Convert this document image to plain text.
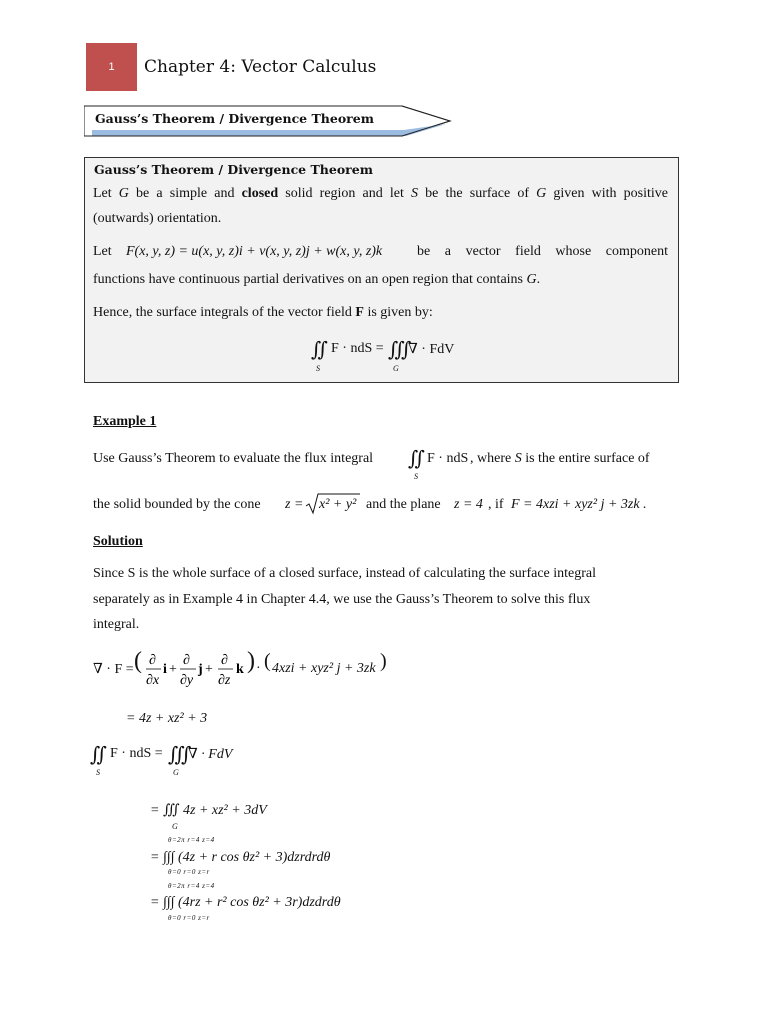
1 Chapter 4: Vector Calculus
Gauss’s Theorem / Divergence Theorem
Gauss’s Theorem / Divergence Theorem
Let G be a simple and closed solid region and let S be the surface of G given with positive
(outwards) orientation.
Let F(x, y, z) = u(x, y, z)i + v(x, y, z)j + w(x, y, z)k be a vector field whose component
functions have continuous partial derivatives on an open region that contains G.
Hence, the surface integrals of the vector field F is given by:
∬ F · ndS = ∭
∇ · FdV
S	G
Example 1
Use Gauss’s Theorem to evaluate the flux integral ∬ F · ndS , where S is the entire surface of
S
the solid bounded by the cone z = x² + y² and the plane z = 4 , if F = 4xzi + xyz² j + 3zk .
Solution
Since S is the whole surface of a closed surface, instead of calculating the surface integral
separately as in Example 4 in Chapter 4.4, we use the Gauss’s Theorem to solve this flux
integral.
∇ · F = ( ∂
∂x
i +
∂
∂y
j +
∂
∂z
k ) · ( 4xzi + xyz² j + 3zk )
= 4z + xz² + 3
∬ F · ndS = ∭
∇ · FdV
S	G
= ∭ 4z + xz² + 3dV
G
θ=2π r=4 z=4
= ∫∫∫ (4z + r cos θz² + 3)dzrdrdθ
θ=0 r=0 z=r
θ=2π r=4 z=4
= ∫∫∫ (4rz + r² cos θz² + 3r)dzdrdθ
θ=0 r=0 z=r
